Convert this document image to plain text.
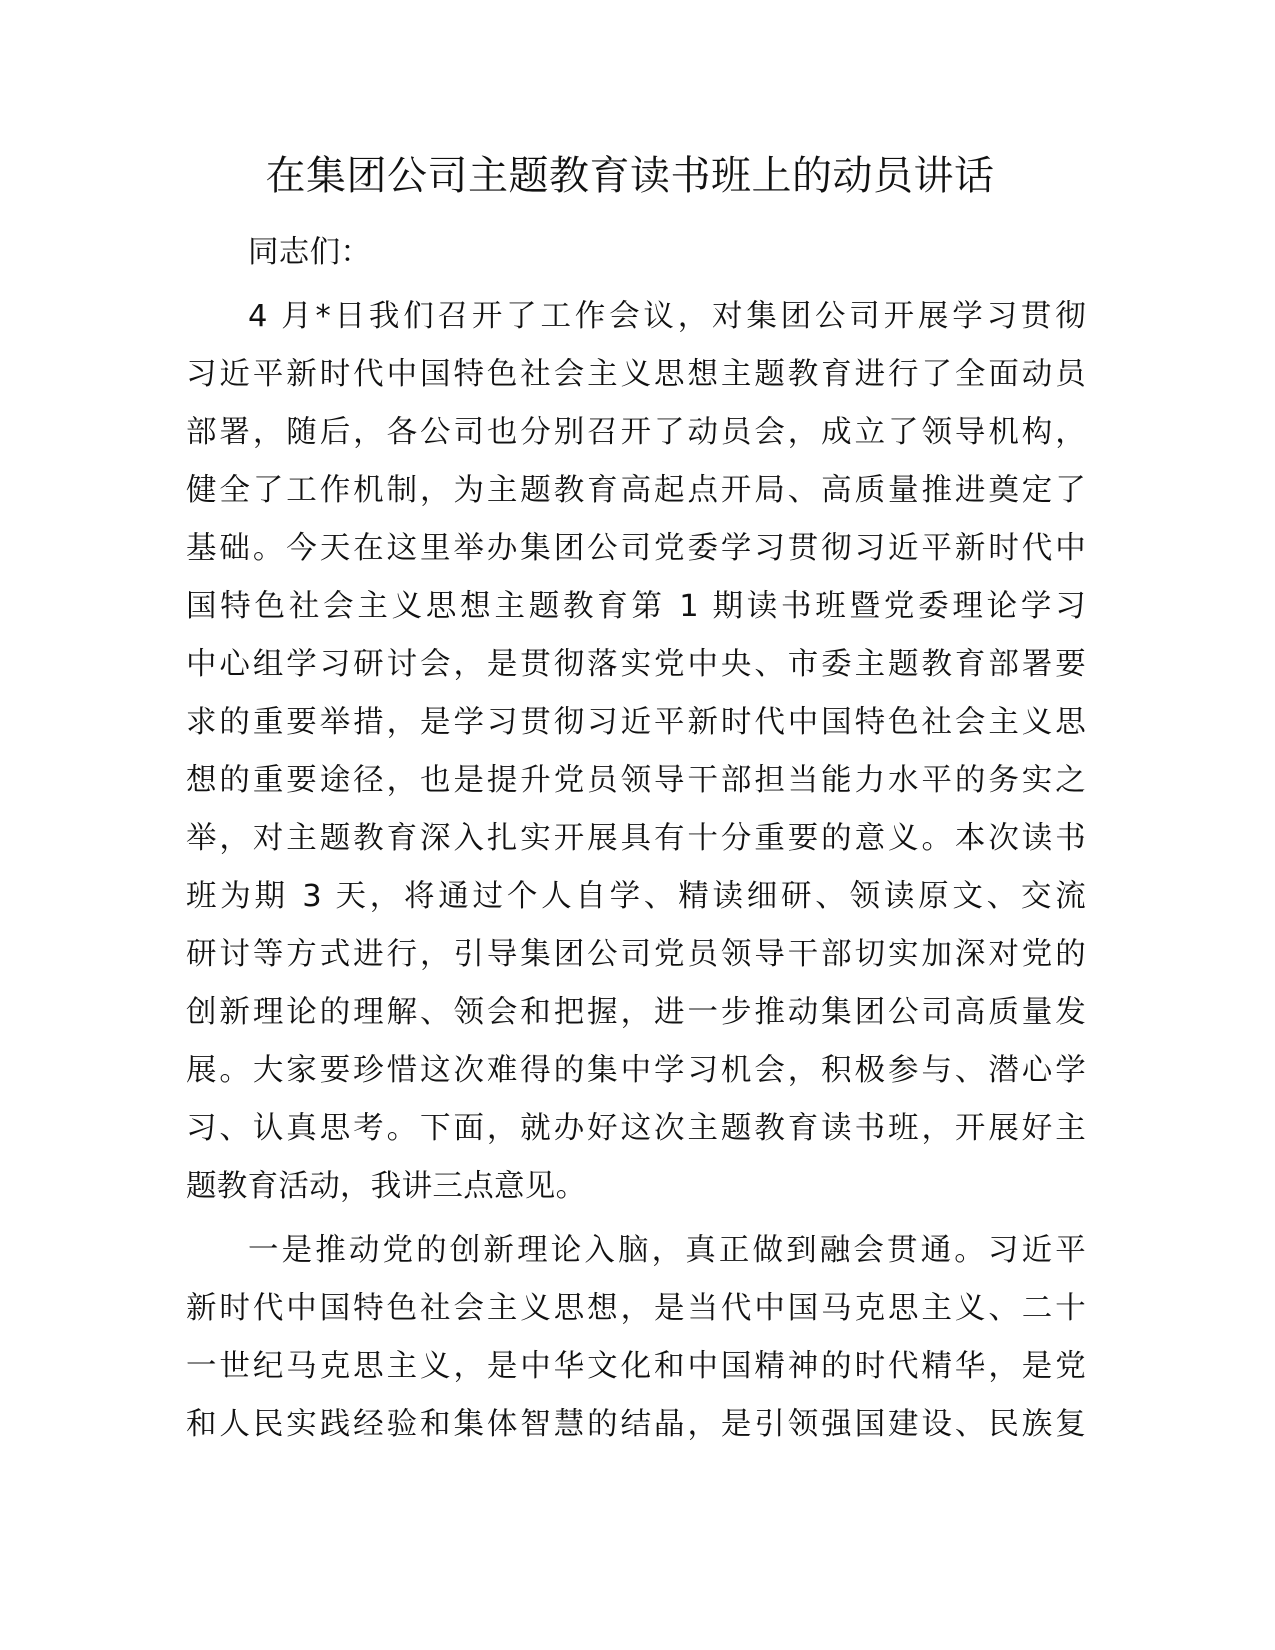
在集团公司主题教育读书班上的动员讲话

同志们：

4 月*日我们召开了工作会议，对集团公司开展学习贯彻
习近平新时代中国特色社会主义思想主题教育进行了全面动员
部署，随后，各公司也分别召开了动员会，成立了领导机构，
健全了工作机制，为主题教育高起点开局、高质量推进奠定了
基础。今天在这里举办集团公司党委学习贯彻习近平新时代中
国特色社会主义思想主题教育第 1 期读书班暨党委理论学习
中心组学习研讨会，是贯彻落实党中央、市委主题教育部署要
求的重要举措，是学习贯彻习近平新时代中国特色社会主义思
想的重要途径，也是提升党员领导干部担当能力水平的务实之
举，对主题教育深入扎实开展具有十分重要的意义。本次读书
班为期 3 天，将通过个人自学、精读细研、领读原文、交流
研讨等方式进行，引导集团公司党员领导干部切实加深对党的
创新理论的理解、领会和把握，进一步推动集团公司高质量发
展。大家要珍惜这次难得的集中学习机会，积极参与、潜心学
习、认真思考。下面，就办好这次主题教育读书班，开展好主
题教育活动，我讲三点意见。

一是推动党的创新理论入脑，真正做到融会贯通。习近平
新时代中国特色社会主义思想，是当代中国马克思主义、二十
一世纪马克思主义，是中华文化和中国精神的时代精华，是党
和人民实践经验和集体智慧的结晶，是引领强国建设、民族复
